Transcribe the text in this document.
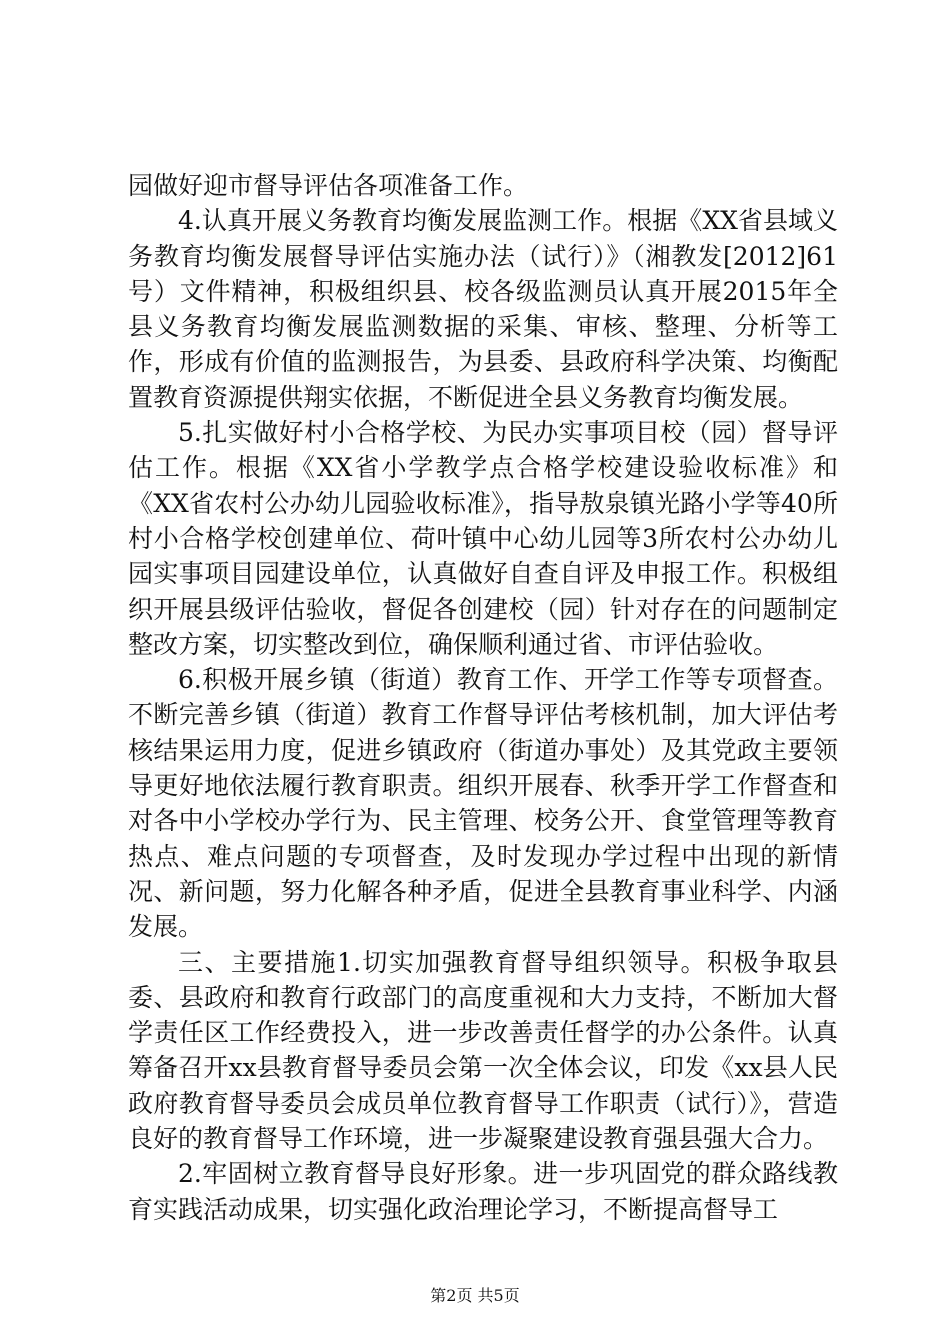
园做好迎市督导评估各项准备工作。

4.认真开展义务教育均衡发展监测工作。根据《XX省县域义务教育均衡发展督导评估实施办法（试行）》（湘教发[2012]61号）文件精神，积极组织县、校各级监测员认真开展2015年全县义务教育均衡发展监测数据的采集、审核、整理、分析等工作，形成有价值的监测报告，为县委、县政府科学决策、均衡配置教育资源提供翔实依据，不断促进全县义务教育均衡发展。

5.扎实做好村小合格学校、为民办实事项目校（园）督导评估工作。根据《XX省小学教学点合格学校建设验收标准》和《XX省农村公办幼儿园验收标准》，指导敖泉镇光路小学等40所村小合格学校创建单位、荷叶镇中心幼儿园等3所农村公办幼儿园实事项目园建设单位，认真做好自查自评及申报工作。积极组织开展县级评估验收，督促各创建校（园）针对存在的问题制定整改方案，切实整改到位，确保顺利通过省、市评估验收。

6.积极开展乡镇（街道）教育工作、开学工作等专项督查。不断完善乡镇（街道）教育工作督导评估考核机制，加大评估考核结果运用力度，促进乡镇政府（街道办事处）及其党政主要领导更好地依法履行教育职责。组织开展春、秋季开学工作督查和对各中小学校办学行为、民主管理、校务公开、食堂管理等教育热点、难点问题的专项督查，及时发现办学过程中出现的新情况、新问题，努力化解各种矛盾，促进全县教育事业科学、内涵发展。

三、主要措施1.切实加强教育督导组织领导。积极争取县委、县政府和教育行政部门的高度重视和大力支持，不断加大督学责任区工作经费投入，进一步改善责任督学的办公条件。认真筹备召开xx县教育督导委员会第一次全体会议，印发《xx县人民政府教育督导委员会成员单位教育督导工作职责（试行）》，营造良好的教育督导工作环境，进一步凝聚建设教育强县强大合力。

2.牢固树立教育督导良好形象。进一步巩固党的群众路线教育实践活动成果，切实强化政治理论学习，不断提高督导工

第2页 共5页
